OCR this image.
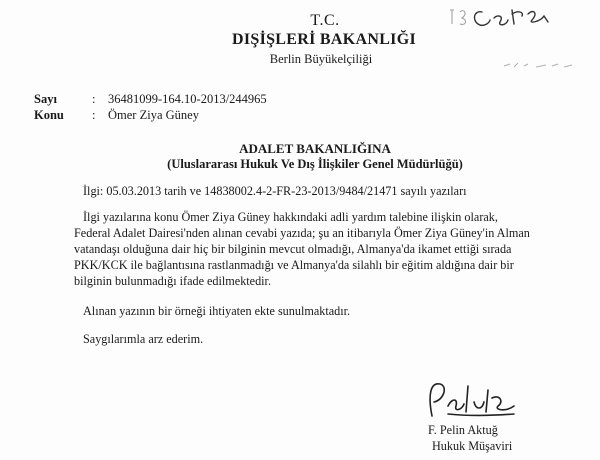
T.C.
DIŞİŞLERİ BAKANLIĞI
Berlin Büyükelçiliği
Sayı	: 36481099-164.10-2013/244965
Konu : Ömer Ziya Güney
ADALET BAKANLIĞINA
(Uluslararası Hukuk Ve Dış İlişkiler Genel Müdürlüğü)
İlgi: 05.03.2013 tarih ve 14838002.4-2-FR-23-2013/9484/21471 sayılı yazıları
İlgi yazılarına konu Ömer Ziya Güney hakkındaki adli yardım talebine ilişkin olarak,
Federal Adalet Dairesi'nden alınan cevabi yazıda; şu an itibarıyla Ömer Ziya Güney'in Alman
vatandaşı olduğuna dair hiç bir bilginin mevcut olmadığı, Almanya'da ikamet ettiği sırada
PKK/KCK ile bağlantısına rastlanmadığı ve Almanya'da silahlı bir eğitim aldığına dair bir
bilginin bulunmadığı ifade edilmektedir.
Alınan yazının bir örneği ihtiyaten ekte sunulmaktadır.
Saygılarımla arz ederim.
F. Pelin Aktuğ
Hukuk Müşaviri
